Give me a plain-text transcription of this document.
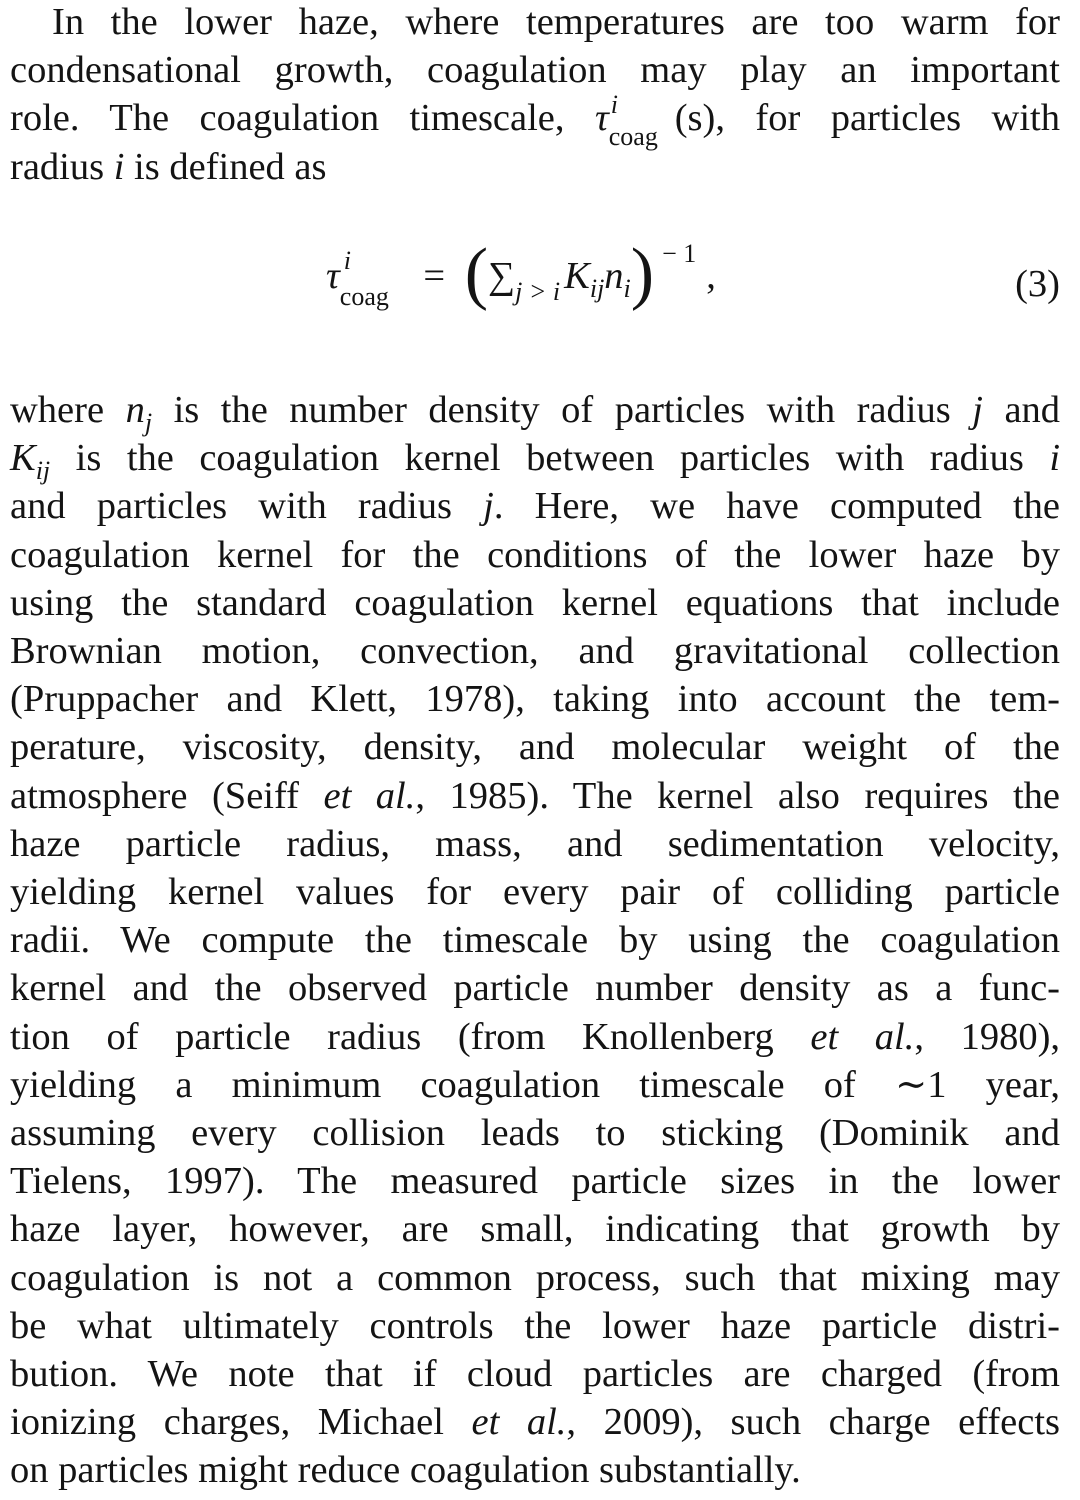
In the lower haze, where temperatures are too warm for
condensational growth, coagulation may play an important
role. The coagulation timescale, τ i
coag (s), for particles with
radius i is defined as
τ i
coag = ($\sum_{j > i}$ $K_{ij}n_i$) $^{- 1}$,	(3)
where $n_j$ is the number density of particles with radius j and
$K_{ij}$ is the coagulation kernel between particles with radius i
and particles with radius j. Here, we have computed the
coagulation kernel for the conditions of the lower haze by
using the standard coagulation kernel equations that include
Brownian motion, convection, and gravitational collection
(Pruppacher and Klett, 1978), taking into account the tem-
perature, viscosity, density, and molecular weight of the
atmosphere (Seiff et al., 1985). The kernel also requires the
haze particle radius, mass, and sedimentation velocity,
yielding kernel values for every pair of colliding particle
radii. We compute the timescale by using the coagulation
kernel and the observed particle number density as a func-
tion of particle radius (from Knollenberg et al., 1980),
yielding a minimum coagulation timescale of ∼1 year,
assuming every collision leads to sticking (Dominik and
Tielens, 1997). The measured particle sizes in the lower
haze layer, however, are small, indicating that growth by
coagulation is not a common process, such that mixing may
be what ultimately controls the lower haze particle distri-
bution. We note that if cloud particles are charged (from
ionizing charges, Michael et al., 2009), such charge effects
on particles might reduce coagulation substantially.
